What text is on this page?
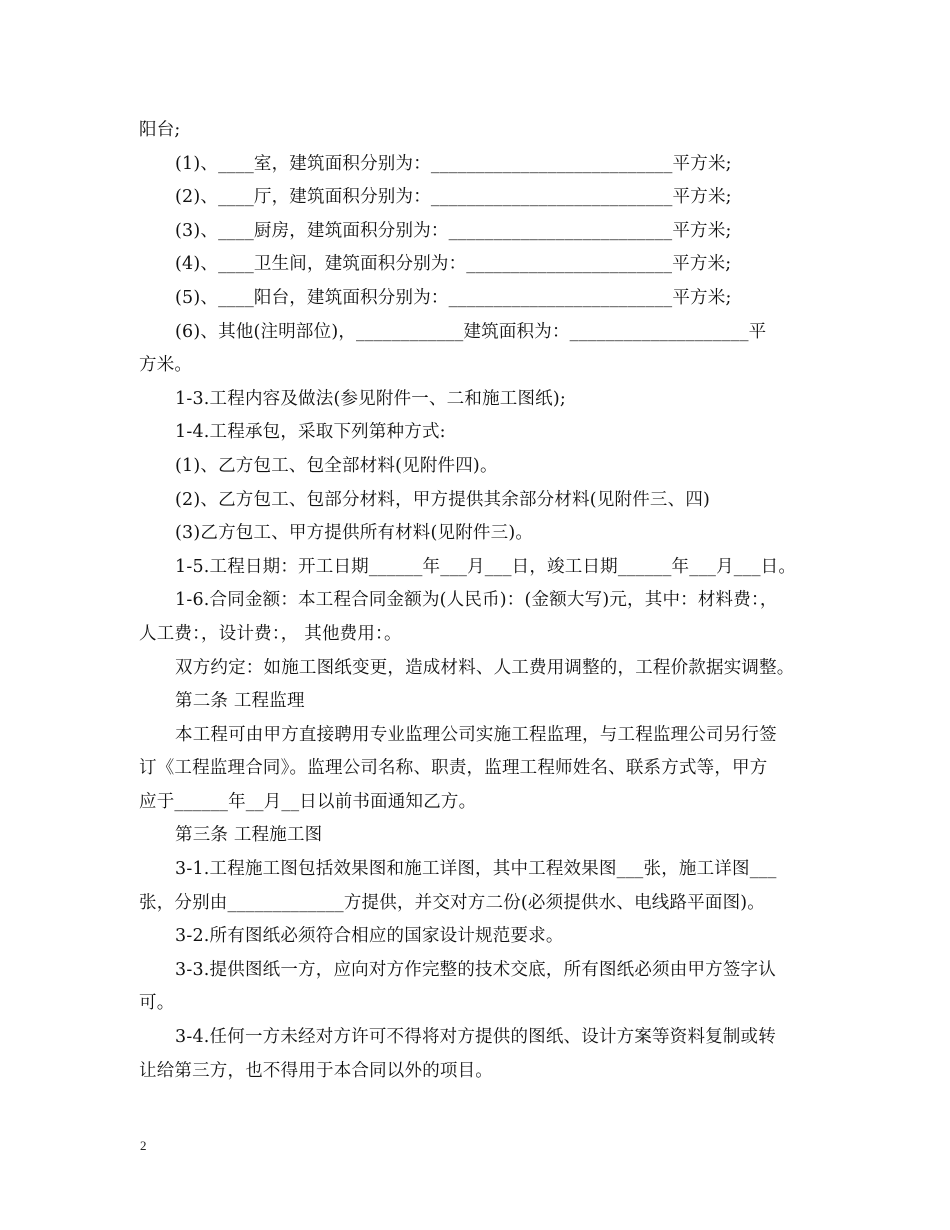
阳台;
(1)、____室，建筑面积分别为：___________________________平方米;
(2)、____厅，建筑面积分别为：___________________________平方米;
(3)、____厨房，建筑面积分别为：_________________________平方米;
(4)、____卫生间，建筑面积分别为：_______________________平方米;
(5)、____阳台，建筑面积分别为：_________________________平方米;
(6)、其他(注明部位)，____________建筑面积为：____________________平
方米。
1-3.工程内容及做法(参见附件一、二和施工图纸);
1-4.工程承包，采取下列第种方式:
(1)、乙方包工、包全部材料(见附件四)。
(2)、乙方包工、包部分材料，甲方提供其余部分材料(见附件三、四)
(3)乙方包工、甲方提供所有材料(见附件三)。
1-5.工程日期：开工日期______年___月___日，竣工日期______年___月___日。
1-6.合同金额：本工程合同金额为(人民币)：(金额大写)元，其中：材料费：，
人工费：，设计费：， 其他费用：。
双方约定：如施工图纸变更，造成材料、人工费用调整的，工程价款据实调整。
第二条 工程监理
本工程可由甲方直接聘用专业监理公司实施工程监理，与工程监理公司另行签
订《工程监理合同》。监理公司名称、职责，监理工程师姓名、联系方式等，甲方
应于______年__月__日以前书面通知乙方。
第三条 工程施工图
3-1.工程施工图包括效果图和施工详图，其中工程效果图___张，施工详图___
张，分别由_____________方提供，并交对方二份(必须提供水、电线路平面图)。
3-2.所有图纸必须符合相应的国家设计规范要求。
3-3.提供图纸一方，应向对方作完整的技术交底，所有图纸必须由甲方签字认
可。
3-4.任何一方未经对方许可不得将对方提供的图纸、设计方案等资料复制或转
让给第三方，也不得用于本合同以外的项目。
2
